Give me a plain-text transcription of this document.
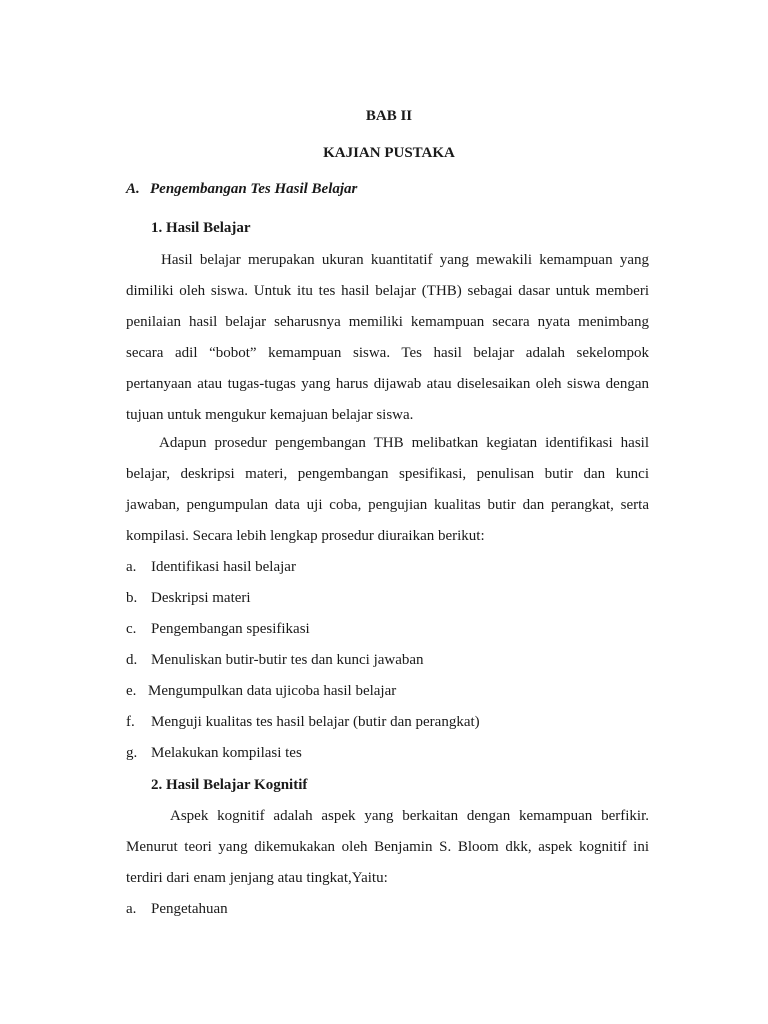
BAB II
KAJIAN PUSTAKA
A. Pengembangan Tes Hasil Belajar
1. Hasil Belajar
Hasil belajar merupakan ukuran kuantitatif yang mewakili kemampuan yang
dimiliki oleh siswa. Untuk itu tes hasil belajar (THB) sebagai dasar untuk memberi
penilaian hasil belajar seharusnya memiliki kemampuan secara nyata menimbang
secara adil “bobot” kemampuan siswa. Tes hasil belajar adalah sekelompok
pertanyaan atau tugas-tugas yang harus dijawab atau diselesaikan oleh siswa dengan
tujuan untuk mengukur kemajuan belajar siswa.
Adapun prosedur pengembangan THB melibatkan kegiatan identifikasi hasil
belajar, deskripsi materi, pengembangan spesifikasi, penulisan butir dan kunci
jawaban, pengumpulan data uji coba, pengujian kualitas butir dan perangkat, serta
kompilasi. Secara lebih lengkap prosedur diuraikan berikut:
a. Identifikasi hasil belajar
b. Deskripsi materi
c. Pengembangan spesifikasi
d. Menuliskan butir-butir tes dan kunci jawaban
e. Mengumpulkan data ujicoba hasil belajar
f. Menguji kualitas tes hasil belajar (butir dan perangkat)
g. Melakukan kompilasi tes
2. Hasil Belajar Kognitif
Aspek kognitif adalah aspek yang berkaitan dengan kemampuan berfikir.
Menurut teori yang dikemukakan oleh Benjamin S. Bloom dkk, aspek kognitif ini
terdiri dari enam jenjang atau tingkat,Yaitu:
a. Pengetahuan
